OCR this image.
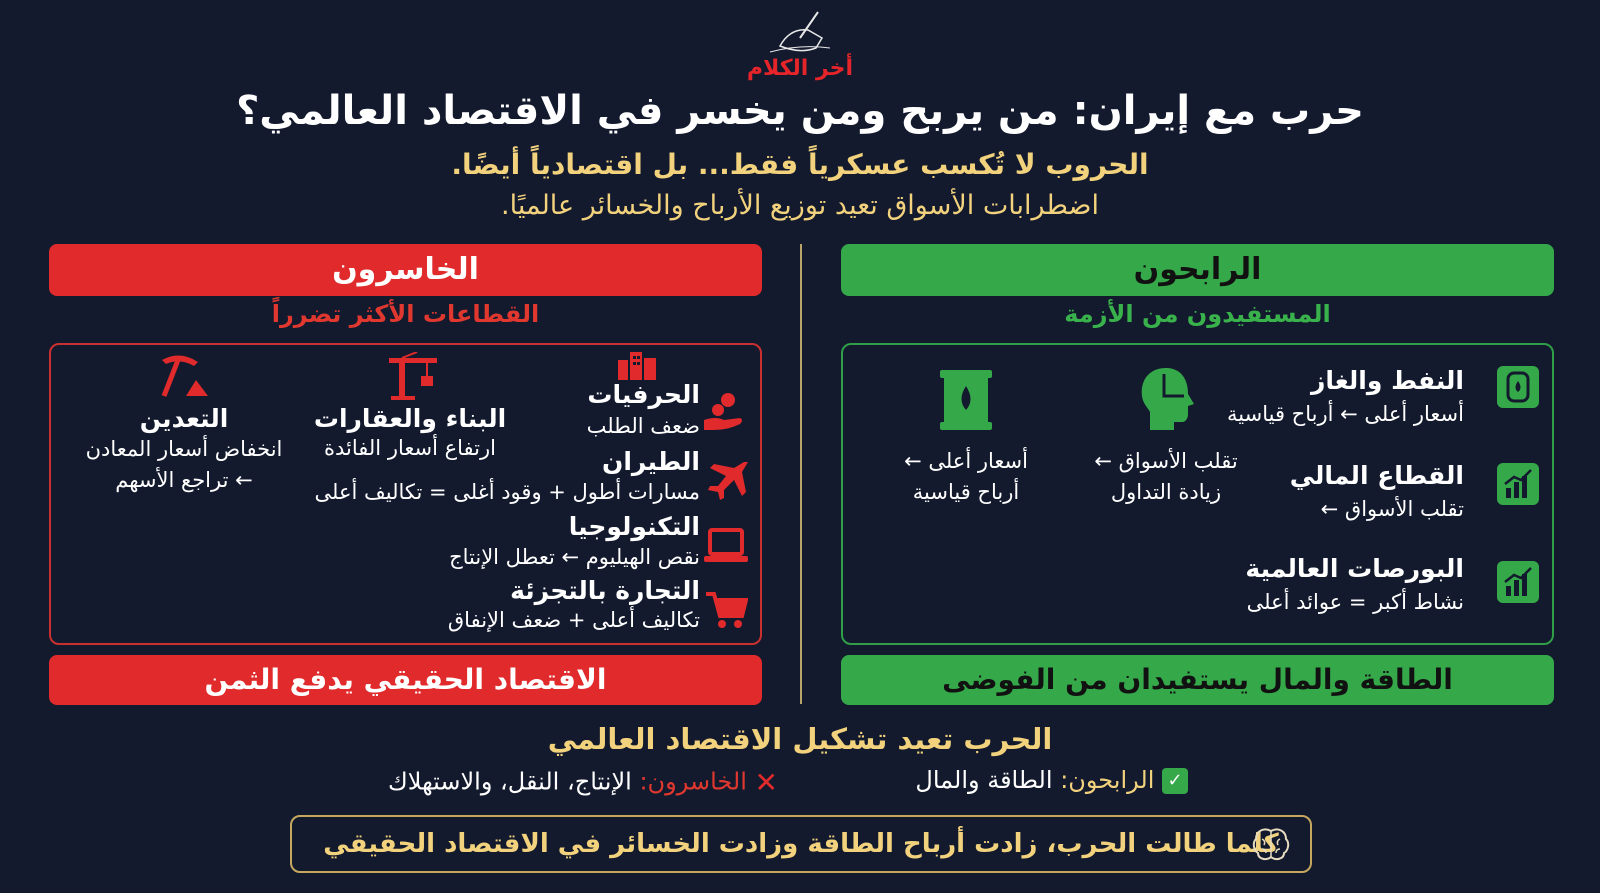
أخر الكلام
حرب مع إيران: من يربح ومن يخسر في الاقتصاد العالمي؟
الحروب لا تُكسب عسكرياً فقط... بل اقتصادياً أيضًا.
اضطرابات الأسواق تعيد توزيع الأرباح والخسائر عالميًا.
الرابحون
الخاسرون
المستفيدون من الأزمة
القطاعات الأكثر تضرراً
النفط والغاز
أسعار أعلى ← أرباح قياسية
القطاع المالي
تقلب الأسواق ←
البورصات العالمية
نشاط أكبر = عوائد أعلى
تقلب الأسواق ←
زيادة التداول
أسعار أعلى ←
أرباح قياسية
الحرفيات
ضعف الطلب
الطيران
مسارات أطول + وقود أغلى = تكاليف أعلى
التكنولوجيا
نقص الهيليوم ← تعطل الإنتاج
التجارة بالتجزئة
تكاليف أعلى + ضعف الإنفاق
البناء والعقارات
ارتفاع أسعار الفائدة
التعدين
انخفاض أسعار المعادن
← تراجع الأسهم
الطاقة والمال يستفيدان من الفوضى
الاقتصاد الحقيقي يدفع الثمن
الحرب تعيد تشكيل الاقتصاد العالمي
✓ الرابحون: الطاقة والمال
✕ الخاسرون: الإنتاج، النقل، والاستهلاك
كلما طالت الحرب، زادت أرباح الطاقة وزادت الخسائر في الاقتصاد الحقيقي
